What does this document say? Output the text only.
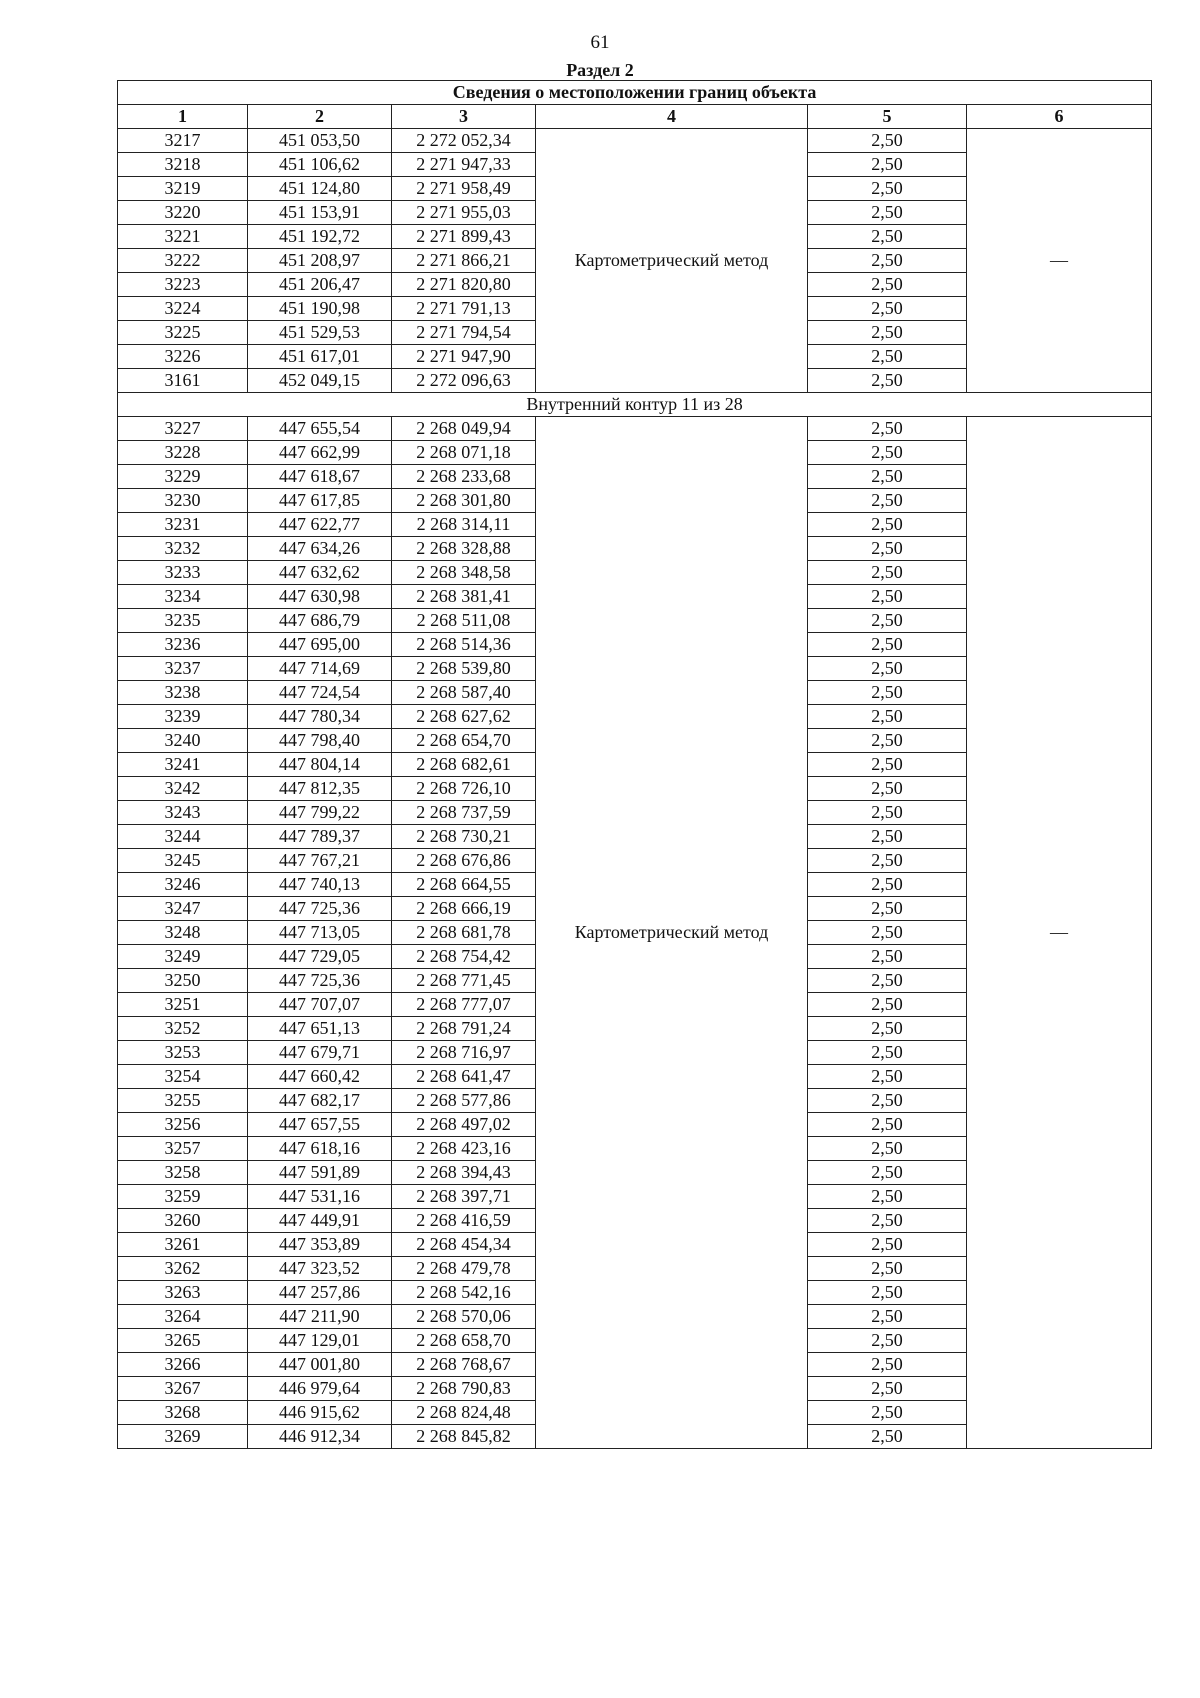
61
Раздел 2
Сведения о местоположении границ объекта					
1	2	3	4	5	6
3217	451 053,50	2 272 052,34	Картометрический метод	2,50	—
3218	451 106,62	2 271 947,33		2,50	
3219	451 124,80	2 271 958,49		2,50	
3220	451 153,91	2 271 955,03		2,50	
3221	451 192,72	2 271 899,43		2,50	
3222	451 208,97	2 271 866,21		2,50	
3223	451 206,47	2 271 820,80		2,50	
3224	451 190,98	2 271 791,13		2,50	
3225	451 529,53	2 271 794,54		2,50	
3226	451 617,01	2 271 947,90		2,50	
3161	452 049,15	2 272 096,63		2,50	
Внутренний контур 11 из 28					
3227	447 655,54	2 268 049,94	Картометрический метод	2,50	—
3228	447 662,99	2 268 071,18		2,50	
3229	447 618,67	2 268 233,68		2,50	
3230	447 617,85	2 268 301,80		2,50	
3231	447 622,77	2 268 314,11		2,50	
3232	447 634,26	2 268 328,88		2,50	
3233	447 632,62	2 268 348,58		2,50	
3234	447 630,98	2 268 381,41		2,50	
3235	447 686,79	2 268 511,08		2,50	
3236	447 695,00	2 268 514,36		2,50	
3237	447 714,69	2 268 539,80		2,50	
3238	447 724,54	2 268 587,40		2,50	
3239	447 780,34	2 268 627,62		2,50	
3240	447 798,40	2 268 654,70		2,50	
3241	447 804,14	2 268 682,61		2,50	
3242	447 812,35	2 268 726,10		2,50	
3243	447 799,22	2 268 737,59		2,50	
3244	447 789,37	2 268 730,21		2,50	
3245	447 767,21	2 268 676,86		2,50	
3246	447 740,13	2 268 664,55		2,50	
3247	447 725,36	2 268 666,19		2,50	
3248	447 713,05	2 268 681,78		2,50	
3249	447 729,05	2 268 754,42		2,50	
3250	447 725,36	2 268 771,45		2,50	
3251	447 707,07	2 268 777,07		2,50	
3252	447 651,13	2 268 791,24		2,50	
3253	447 679,71	2 268 716,97		2,50	
3254	447 660,42	2 268 641,47		2,50	
3255	447 682,17	2 268 577,86		2,50	
3256	447 657,55	2 268 497,02		2,50	
3257	447 618,16	2 268 423,16		2,50	
3258	447 591,89	2 268 394,43		2,50	
3259	447 531,16	2 268 397,71		2,50	
3260	447 449,91	2 268 416,59		2,50	
3261	447 353,89	2 268 454,34		2,50	
3262	447 323,52	2 268 479,78		2,50	
3263	447 257,86	2 268 542,16		2,50	
3264	447 211,90	2 268 570,06		2,50	
3265	447 129,01	2 268 658,70		2,50	
3266	447 001,80	2 268 768,67		2,50	
3267	446 979,64	2 268 790,83		2,50	
3268	446 915,62	2 268 824,48		2,50	
3269	446 912,34	2 268 845,82		2,50	
